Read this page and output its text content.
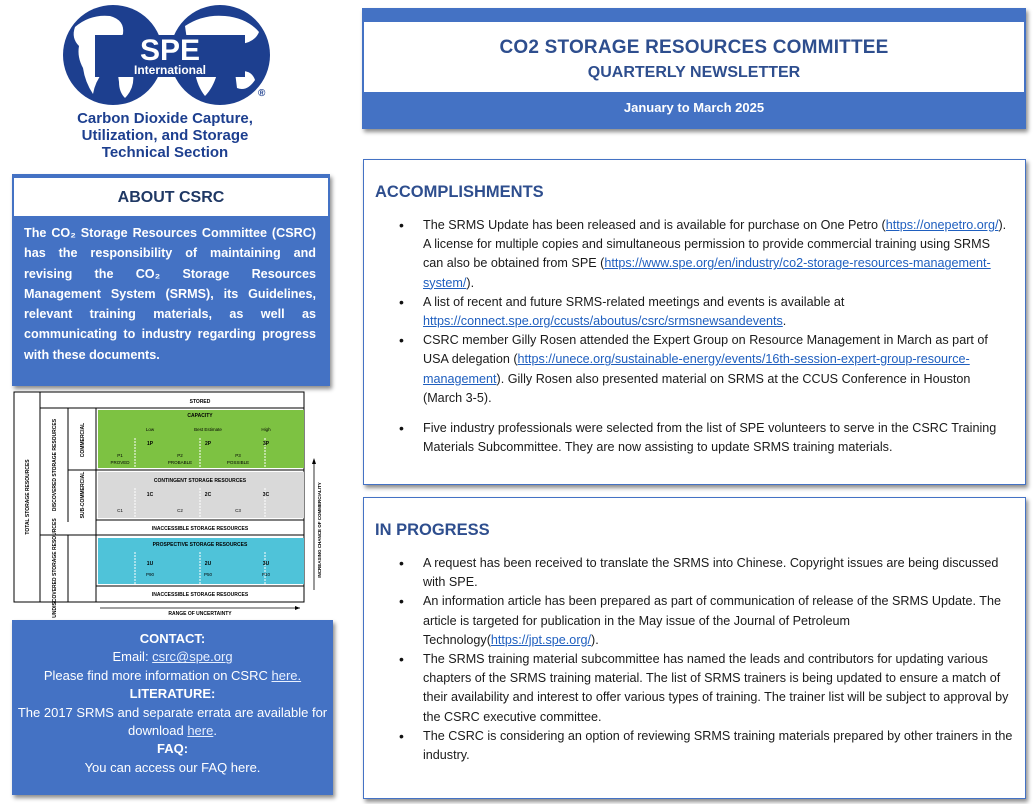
SPE
International
®
Carbon Dioxide Capture,
Utilization, and Storage
Technical Section
ABOUT CSRC
The CO₂ Storage Resources Committee (CSRC) has the responsibility of maintaining and revising the CO₂ Storage Resources Management System (SRMS), its Guidelines, relevant training materials, as well as communicating to industry regarding progress with these documents.
STORED
CAPACITY
Low	Best Estimate	High
1P	2P	3P
P1	P2	P3
PROVED	PROBABLE	POSSIBLE
CONTINGENT STORAGE RESOURCES
1C	2C	3C
C1	C2	C3
INACCESSIBLE STORAGE RESOURCES
PROSPECTIVE STORAGE RESOURCES
1U	2U	3U
P90	P50	P10
INACCESSIBLE STORAGE RESOURCES
RANGE OF UNCERTAINTY
INCREASING CHANCE OF COMMERCIALITY
TOTAL STORAGE RESOURCES	DISCOVERED STORAGE RESOURCES
UNDISCOVERED STORAGE RESOURCES
COMMERCIAL
SUB-COMMERCIAL
CONTACT:
Email: csrc@spe.org
Please find more information on CSRC here.
LITERATURE:
The 2017 SRMS and separate errata are available for download here.
FAQ:
You can access our FAQ here.
CO2 STORAGE RESOURCES COMMITTEE
QUARTERLY NEWSLETTER
January to March 2025
ACCOMPLISHMENTS
• The SRMS Update has been released and is available for purchase on One Petro (https://onepetro.org/). A license for multiple copies and simultaneous permission to provide commercial training using SRMS can also be obtained from SPE (https://www.spe.org/en/industry/co2-storage-resources-management-system/).
• A list of recent and future SRMS-related meetings and events is available at https://connect.spe.org/ccusts/aboutus/csrc/srmsnewsandevents.
• CSRC member Gilly Rosen attended the Expert Group on Resource Management in March as part of USA delegation (https://unece.org/sustainable-energy/events/16th-session-expert-group-resource-management). Gilly Rosen also presented material on SRMS at the CCUS Conference in Houston (March 3-5).
• Five industry professionals were selected from the list of SPE volunteers to serve in the CSRC Training Materials Subcommittee. They are now assisting to update SRMS training materials.
IN PROGRESS
• A request has been received to translate the SRMS into Chinese. Copyright issues are being discussed with SPE.
• An information article has been prepared as part of communication of release of the SRMS Update. The article is targeted for publication in the May issue of the Journal of Petroleum Technology(https://jpt.spe.org/).
• The SRMS training material subcommittee has named the leads and contributors for updating various chapters of the SRMS training material. The list of SRMS trainers is being updated to ensure a match of their availability and interest to offer various types of training. The trainer list will be subject to approval by the CSRC executive committee.
• The CSRC is considering an option of reviewing SRMS training materials prepared by other trainers in the industry.
